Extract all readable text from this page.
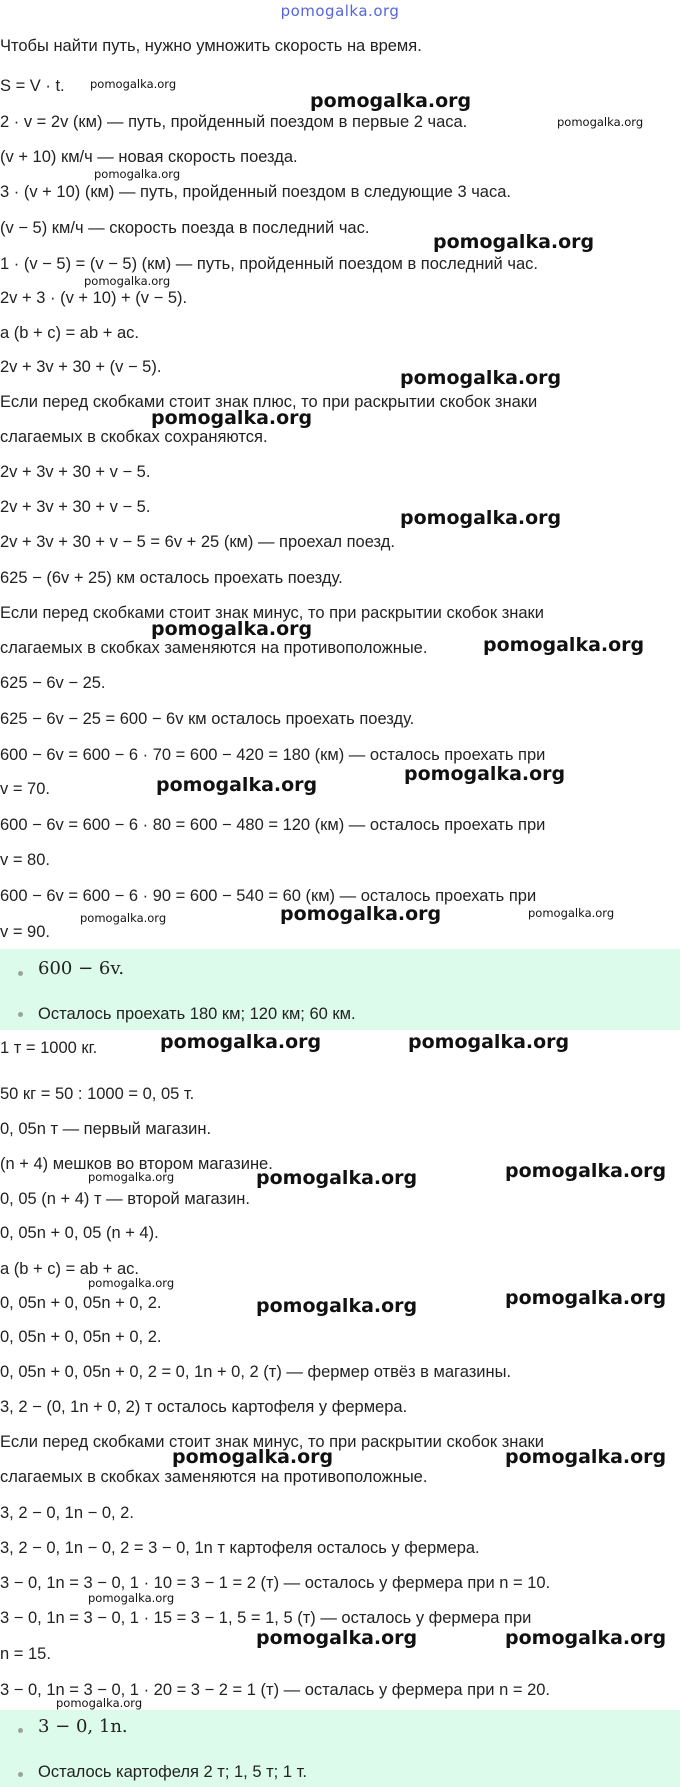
pomogalka.org
Чтобы найти путь, нужно умножить скорость на время.
S = V · t.
2 · v = 2v (км) — путь, пройденный поездом в первые 2 часа.
(v + 10) км/ч — новая скорость поезда.
3 · (v + 10) (км) — путь, пройденный поездом в следующие 3 часа.
(v − 5) км/ч — скорость поезда в последний час.
1 · (v − 5) = (v − 5) (км) — путь, пройденный поездом в последний час.
2v + 3 · (v + 10) + (v − 5).
a (b + c) = ab + ac.
2v + 3v + 30 + (v − 5).
Если перед скобками стоит знак плюс, то при раскрытии скобок знаки
слагаемых в скобках сохраняются.
2v + 3v + 30 + v − 5.
2v + 3v + 30 + v − 5.
2v + 3v + 30 + v − 5 = 6v + 25 (км) — проехал поезд.
625 − (6v + 25) км осталось проехать поезду.
Если перед скобками стоит знак минус, то при раскрытии скобок знаки
слагаемых в скобках заменяются на противоположные.
625 − 6v − 25.
625 − 6v − 25 = 600 − 6v км осталось проехать поезду.
600 − 6v = 600 − 6 · 70 = 600 − 420 = 180 (км) — осталось проехать при
v = 70.
600 − 6v = 600 − 6 · 80 = 600 − 480 = 120 (км) — осталось проехать при
v = 80.
600 − 6v = 600 − 6 · 90 = 600 − 540 = 60 (км) — осталось проехать при
v = 90.
1 т = 1000 кг.
50 кг = 50 : 1000 = 0, 05 т.
0, 05n т — первый магазин.
(n + 4) мешков во втором магазине.
0, 05 (n + 4) т — второй магазин.
0, 05n + 0, 05 (n + 4).
a (b + c) = ab + ac.
0, 05n + 0, 05n + 0, 2.
0, 05n + 0, 05n + 0, 2.
0, 05n + 0, 05n + 0, 2 = 0, 1n + 0, 2 (т) — фермер отвёз в магазины.
3, 2 − (0, 1n + 0, 2) т осталось картофеля у фермера.
Если перед скобками стоит знак минус, то при раскрытии скобок знаки
слагаемых в скобках заменяются на противоположные.
3, 2 − 0, 1n − 0, 2.
3, 2 − 0, 1n − 0, 2 = 3 − 0, 1n т картофеля осталось у фермера.
3 − 0, 1n = 3 − 0, 1 · 10 = 3 − 1 = 2 (т) — осталось у фермера при n = 10.
3 − 0, 1n = 3 − 0, 1 · 15 = 3 − 1, 5 = 1, 5 (т) — осталось у фермера при
n = 15.
3 − 0, 1n = 3 − 0, 1 · 20 = 3 − 2 = 1 (т) — осталась у фермера при n = 20.
600 − 6v.
Осталось проехать 180 км; 120 км; 60 км.
3 − 0, 1n.
Осталось картофеля 2 т; 1, 5 т; 1 т.
pomogalka.org
pomogalka.org
pomogalka.org
pomogalka.org
pomogalka.org
pomogalka.org
pomogalka.org
pomogalka.org
pomogalka.org
pomogalka.org
pomogalka.org
pomogalka.org	pomogalka.org
pomogalka.org
pomogalka.org	pomogalka.org
pomogalka.org	pomogalka.org
pomogalka.org	pomogalka.org	pomogalka.org
pomogalka.org	pomogalka.org
pomogalka.org
pomogalka.org	pomogalka.org
pomogalka.org
pomogalka.org	pomogalka.org
pomogalka.org
